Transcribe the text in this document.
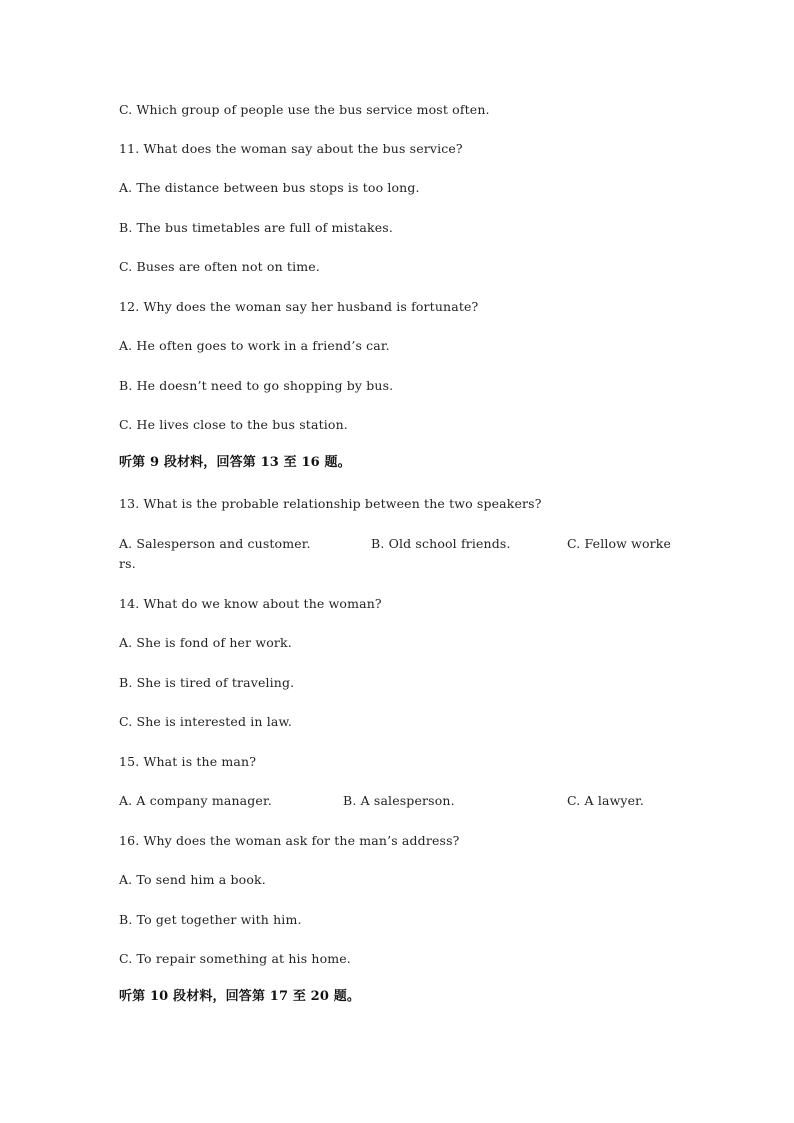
C. Which group of people use the bus service most often.
11. What does the woman say about the bus service?
A. The distance between bus stops is too long.
B. The bus timetables are full of mistakes.
C. Buses are often not on time.
12. Why does the woman say her husband is fortunate?
A. He often goes to work in a friend’s car.
B. He doesn’t need to go shopping by bus.
C. He lives close to the bus station.
听第 9 段材料，回答第 13 至 16 题。
13. What is the probable relationship between the two speakers?
A. Salesperson and customer.	B. Old school friends.	C. Fellow worke
rs.
14. What do we know about the woman?
A. She is fond of her work.
B. She is tired of traveling.
C. She is interested in law.
15. What is the man?
A. A company manager.	B. A salesperson.	C. A lawyer.
16. Why does the woman ask for the man’s address?
A. To send him a book.
B. To get together with him.
C. To repair something at his home.
听第 10 段材料，回答第 17 至 20 题。
